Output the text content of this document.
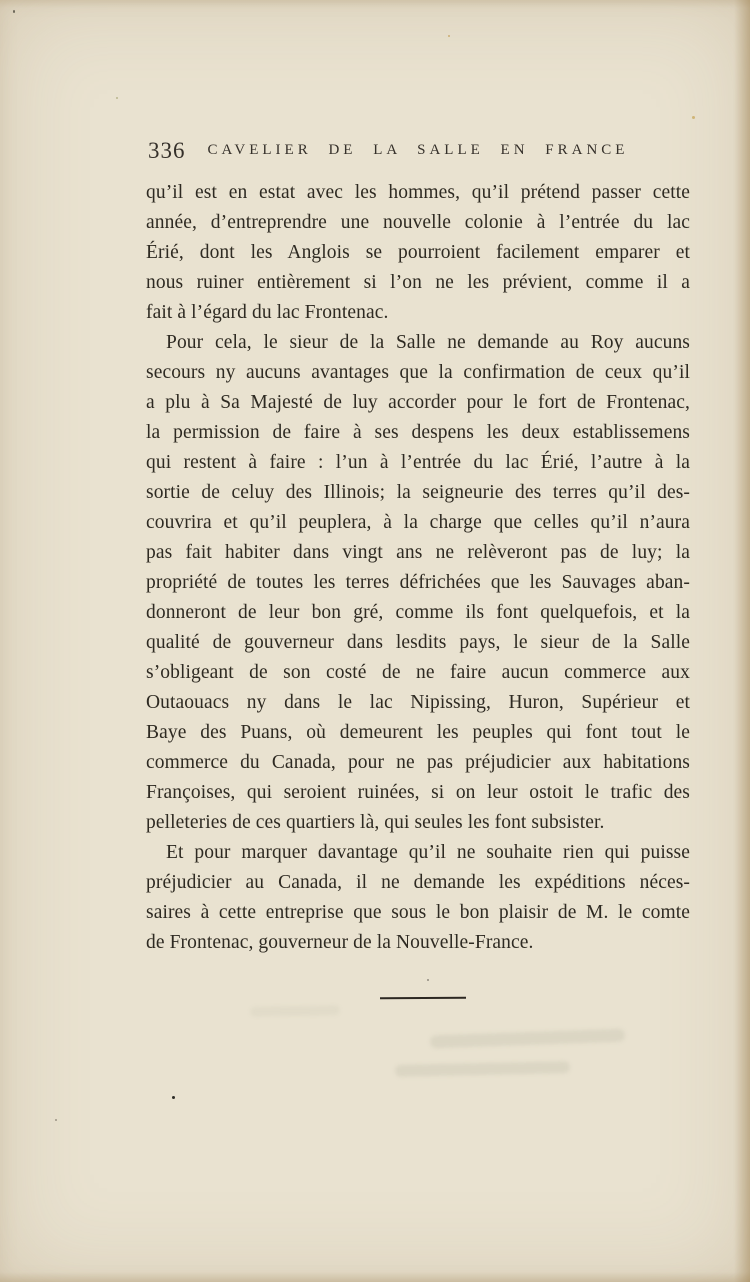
336	CAVELIER DE LA SALLE EN FRANCE
qu’il est en estat avec les hommes, qu’il prétend passer cette
année, d’entreprendre une nouvelle colonie à l’entrée du lac
Érié, dont les Anglois se pourroient facilement emparer et
nous ruiner entièrement si l’on ne les prévient, comme il a
fait à l’égard du lac Frontenac.
Pour cela, le sieur de la Salle ne demande au Roy aucuns
secours ny aucuns avantages que la confirmation de ceux qu’il
a plu à Sa Majesté de luy accorder pour le fort de Frontenac,
la permission de faire à ses despens les deux establissemens
qui restent à faire : l’un à l’entrée du lac Érié, l’autre à la
sortie de celuy des Illinois; la seigneurie des terres qu’il des-
couvrira et qu’il peuplera, à la charge que celles qu’il n’aura
pas fait habiter dans vingt ans ne relèveront pas de luy; la
propriété de toutes les terres défrichées que les Sauvages aban-
donneront de leur bon gré, comme ils font quelquefois, et la
qualité de gouverneur dans lesdits pays, le sieur de la Salle
s’obligeant de son costé de ne faire aucun commerce aux
Outaouacs ny dans le lac Nipissing, Huron, Supérieur et
Baye des Puans, où demeurent les peuples qui font tout le
commerce du Canada, pour ne pas préjudicier aux habitations
Françoises, qui seroient ruinées, si on leur ostoit le trafic des
pelleteries de ces quartiers là, qui seules les font subsister.
Et pour marquer davantage qu’il ne souhaite rien qui puisse
préjudicier au Canada, il ne demande les expéditions néces-
saires à cette entreprise que sous le bon plaisir de M. le comte
de Frontenac, gouverneur de la Nouvelle-France.
